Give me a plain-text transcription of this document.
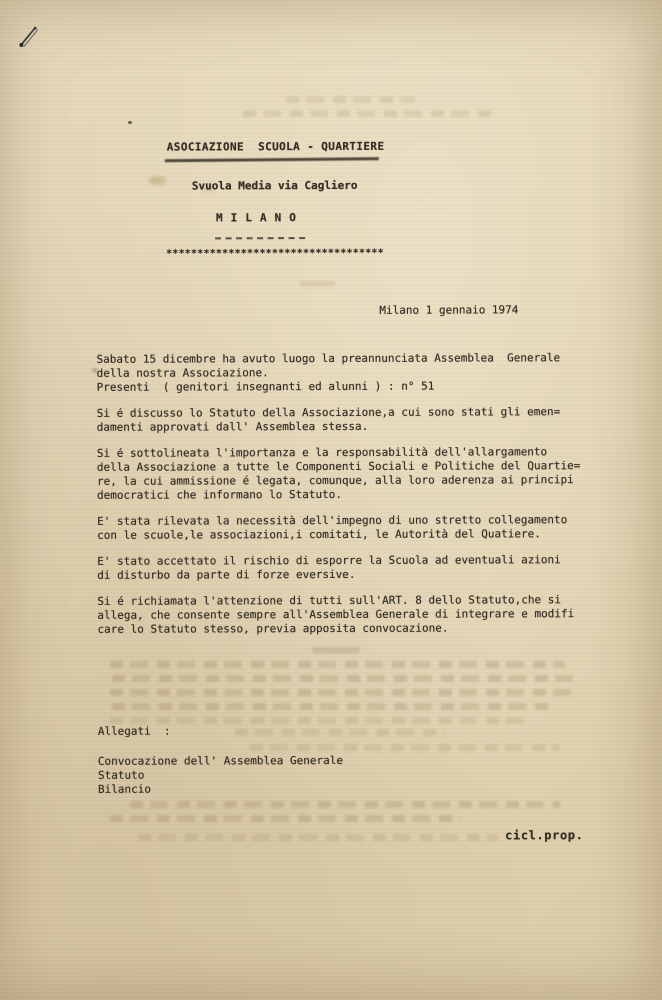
ASOCIAZIONE  SCUOLA - QUARTIERE
Svuola Media via Cagliero
M I L A N O
***********************************
Milano 1 gennaio 1974

Sabato 15 dicembre ha avuto luogo la preannunciata Assemblea  Generale
della nostra Associazione.
Presenti  ( genitori insegnanti ed alunni ) : n° 51

Si é discusso lo Statuto della Associazione,a cui sono stati gli emen=
damenti approvati dall' Assemblea stessa.

Si é sottolineata l'importanza e la responsabilità dell'allargamento
della Associazione a tutte le Componenti Sociali e Politiche del Quartie=
re, la cui ammissione é legata, comunque, alla loro aderenza ai principi
democratici che informano lo Statuto.

E' stata rilevata la necessità dell'impegno di uno stretto collegamento
con le scuole,le associazioni,i comitati, le Autorità del Quatiere.

E' stato accettato il rischio di esporre la Scuola ad eventuali azioni
di disturbo da parte di forze eversive.

Si é richiamata l'attenzione di tutti sull'ART. 8 dello Statuto,che si
allega, che consente sempre all'Assemblea Generale di integrare e modifi
care lo Statuto stesso, previa apposita convocazione.

Allegati  :
Convocazione dell' Assemblea Generale
Statuto
Bilancio
cicl.prop.
